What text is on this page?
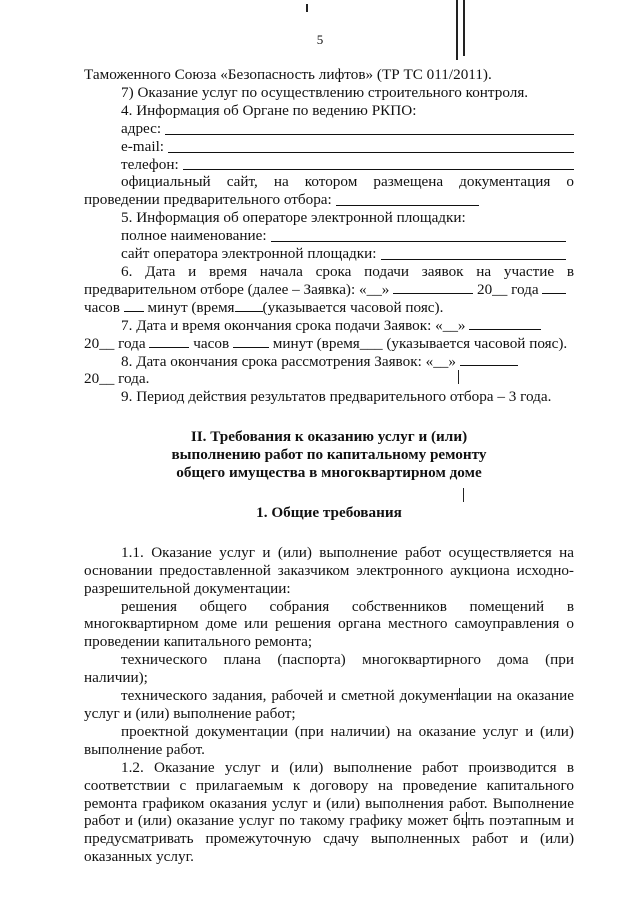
5
Таможенного Союза «Безопасность лифтов» (ТР ТС 011/2011).
7) Оказание услуг по осуществлению строительного контроля.
4. Информация об Органе по ведению РКПО:
адрес:
e-mail:
телефон:
официальный сайт, на котором размещена документация о
проведении предварительного отбора:
5. Информация об операторе электронной площадки:
полное наименование:
сайт оператора электронной площадки:
6. Дата и время начала срока подачи заявок на участие в
предварительном отборе (далее – Заявка): «__»	20__ года
часов минут (время (указывается часовой пояс).
7. Дата и время окончания срока подачи Заявок: «__»
20__ года	часов	минут (время___ (указывается часовой пояс).
8. Дата окончания срока рассмотрения Заявок: «__»
20__ года.
9. Период действия результатов предварительного отбора – 3 года.
II. Требования к оказанию услуг и (или)
выполнению работ по капитальному ремонту
общего имущества в многоквартирном доме
1. Общие требования
1.1. Оказание услуг и (или) выполнение работ осуществляется на
основании предоставленной заказчиком электронного аукциона исходно-
разрешительной документации:
решения общего собрания собственников помещений в
многоквартирном доме или решения органа местного самоуправления о
проведении капитального ремонта;
технического плана (паспорта) многоквартирного дома (при
наличии);
технического задания, рабочей и сметной документации на оказание
услуг и (или) выполнение работ;
проектной документации (при наличии) на оказание услуг и (или)
выполнение работ.
1.2. Оказание услуг и (или) выполнение работ производится в
соответствии с прилагаемым к договору на проведение капитального
ремонта графиком оказания услуг и (или) выполнения работ. Выполнение
работ и (или) оказание услуг по такому графику может быть поэтапным и
предусматривать промежуточную сдачу выполненных работ и (или)
оказанных услуг.
